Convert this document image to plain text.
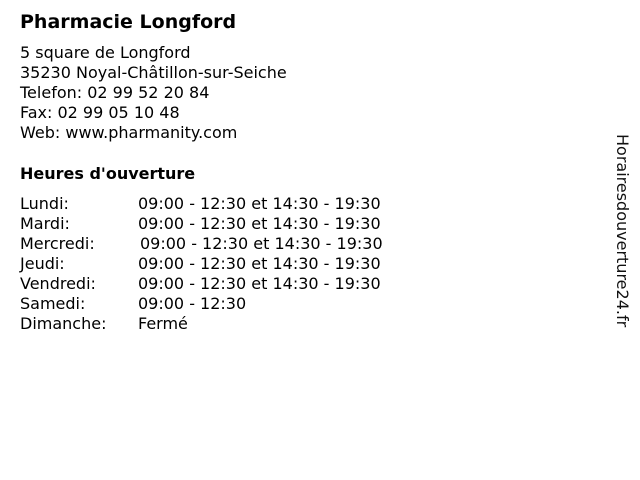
Pharmacie Longford
5 square de Longford
35230 Noyal-Châtillon-sur-Seiche
Telefon: 02 99 52 20 84
Fax: 02 99 05 10 48
Web: www.pharmanity.com
Heures d'ouverture
Lundi:	09:00 - 12:30 et 14:30 - 19:30
Mardi:	09:00 - 12:30 et 14:30 - 19:30
Mercredi:	09:00 - 12:30 et 14:30 - 19:30
Jeudi:	09:00 - 12:30 et 14:30 - 19:30
Vendredi:	09:00 - 12:30 et 14:30 - 19:30
Samedi:	09:00 - 12:30
Dimanche:	Fermé	Horairesdouverture24.fr
